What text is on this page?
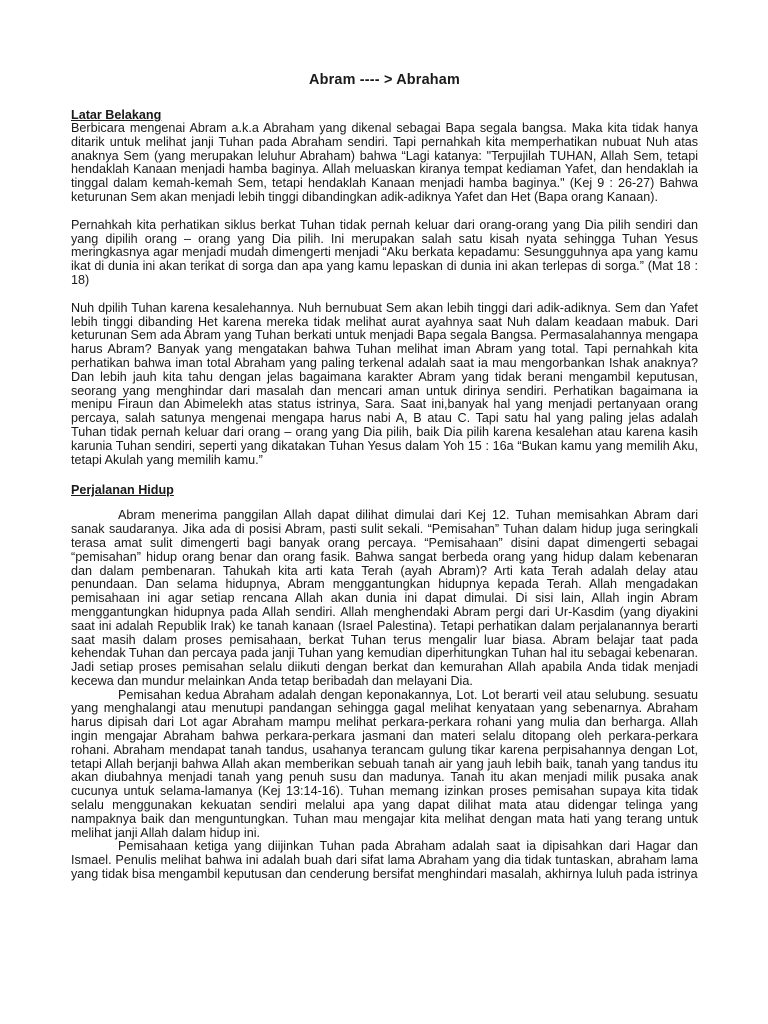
Abram ---- > Abraham

Latar Belakang

Berbicara mengenai Abram a.k.a Abraham yang dikenal sebagai Bapa segala bangsa. Maka kita tidak hanya ditarik untuk melihat janji Tuhan pada Abraham sendiri. Tapi pernahkah kita memperhatikan nubuat Nuh atas anaknya Sem (yang merupakan leluhur Abraham) bahwa “Lagi katanya: "Terpujilah TUHAN, Allah Sem, tetapi hendaklah Kanaan menjadi hamba baginya. Allah meluaskan kiranya tempat kediaman Yafet, dan hendaklah ia tinggal dalam kemah-kemah Sem, tetapi hendaklah Kanaan menjadi hamba baginya." (Kej 9 : 26-27) Bahwa keturunan Sem akan menjadi lebih tinggi dibandingkan adik-adiknya Yafet dan Het (Bapa orang Kanaan).

Pernahkah kita perhatikan siklus berkat Tuhan tidak pernah keluar dari orang-orang yang Dia pilih sendiri dan yang dipilih orang – orang yang Dia pilih. Ini merupakan salah satu kisah nyata sehingga Tuhan Yesus meringkasnya agar menjadi mudah dimengerti menjadi “Aku berkata kepadamu: Sesungguhnya apa yang kamu ikat di dunia ini akan terikat di sorga dan apa yang kamu lepaskan di dunia ini akan terlepas di sorga.” (Mat 18 : 18)

Nuh dpilih Tuhan karena kesalehannya. Nuh bernubuat Sem akan lebih tinggi dari adik-adiknya. Sem dan Yafet lebih tinggi dibanding Het karena mereka tidak melihat aurat ayahnya saat Nuh dalam keadaan mabuk. Dari keturunan Sem ada Abram yang Tuhan berkati untuk menjadi Bapa segala Bangsa. Permasalahannya mengapa harus Abram? Banyak yang mengatakan bahwa Tuhan melihat iman Abram yang total. Tapi pernahkah kita perhatikan bahwa iman total Abraham yang paling terkenal adalah saat ia mau mengorbankan Ishak anaknya? Dan lebih jauh kita tahu dengan jelas bagaimana karakter Abram yang tidak berani mengambil keputusan, seorang yang menghindar dari masalah dan mencari aman untuk dirinya sendiri. Perhatikan bagaimana ia menipu Firaun dan Abimelekh atas status istrinya, Sara. Saat ini,banyak hal yang menjadi pertanyaan orang percaya, salah satunya mengenai mengapa harus nabi A, B atau C. Tapi satu hal yang paling jelas adalah Tuhan tidak pernah keluar dari orang – orang yang Dia pilih, baik Dia pilih karena kesalehan atau karena kasih karunia Tuhan sendiri, seperti yang dikatakan Tuhan Yesus dalam Yoh 15 : 16a “Bukan kamu yang memilih Aku, tetapi Akulah yang memilih kamu.”

Perjalanan Hidup

Abram menerima panggilan Allah dapat dilihat dimulai dari Kej 12. Tuhan memisahkan Abram dari sanak saudaranya. Jika ada di posisi Abram, pasti sulit sekali. “Pemisahan” Tuhan dalam hidup juga seringkali terasa amat sulit dimengerti bagi banyak orang percaya. “Pemisahaan” disini dapat dimengerti sebagai “pemisahan” hidup orang benar dan orang fasik. Bahwa sangat berbeda orang yang hidup dalam kebenaran dan dalam pembenaran. Tahukah kita arti kata Terah (ayah Abram)? Arti kata Terah adalah delay atau penundaan. Dan selama hidupnya, Abram menggantungkan hidupnya kepada Terah. Allah mengadakan pemisahaan ini agar setiap rencana Allah akan dunia ini dapat dimulai. Di sisi lain, Allah ingin Abram menggantungkan hidupnya pada Allah sendiri. Allah menghendaki Abram pergi dari Ur-Kasdim (yang diyakini saat ini adalah Republik Irak) ke tanah kanaan (Israel Palestina). Tetapi perhatikan dalam perjalanannya berarti saat masih dalam proses pemisahaan, berkat Tuhan terus mengalir luar biasa. Abram belajar taat pada kehendak Tuhan dan percaya pada janji Tuhan yang kemudian diperhitungkan Tuhan hal itu sebagai kebenaran. Jadi setiap proses pemisahan selalu diikuti dengan berkat dan kemurahan Allah apabila Anda tidak menjadi kecewa dan mundur melainkan Anda tetap beribadah dan melayani Dia.

Pemisahan kedua Abraham adalah dengan keponakannya, Lot. Lot berarti veil atau selubung. sesuatu yang menghalangi atau menutupi pandangan sehingga gagal melihat kenyataan yang sebenarnya. Abraham harus dipisah dari Lot agar Abraham mampu melihat perkara-perkara rohani yang mulia dan berharga. Allah ingin mengajar Abraham bahwa perkara-perkara jasmani dan materi selalu ditopang oleh perkara-perkara rohani. Abraham mendapat tanah tandus, usahanya terancam gulung tikar karena perpisahannya dengan Lot, tetapi Allah berjanji bahwa Allah akan memberikan sebuah tanah air yang jauh lebih baik, tanah yang tandus itu akan diubahnya menjadi tanah yang penuh susu dan madunya. Tanah itu akan menjadi milik pusaka anak cucunya untuk selama-lamanya (Kej 13:14-16). Tuhan memang izinkan proses pemisahan supaya kita tidak selalu menggunakan kekuatan sendiri melalui apa yang dapat dilihat mata atau didengar telinga yang nampaknya baik dan menguntungkan. Tuhan mau mengajar kita melihat dengan mata hati yang terang untuk melihat janji Allah dalam hidup ini.

Pemisahaan ketiga yang diijinkan Tuhan pada Abraham adalah saat ia dipisahkan dari Hagar dan Ismael. Penulis melihat bahwa ini adalah buah dari sifat lama Abraham yang dia tidak tuntaskan, abraham lama yang tidak bisa mengambil keputusan dan cenderung bersifat menghindari masalah, akhirnya luluh pada istrinya
